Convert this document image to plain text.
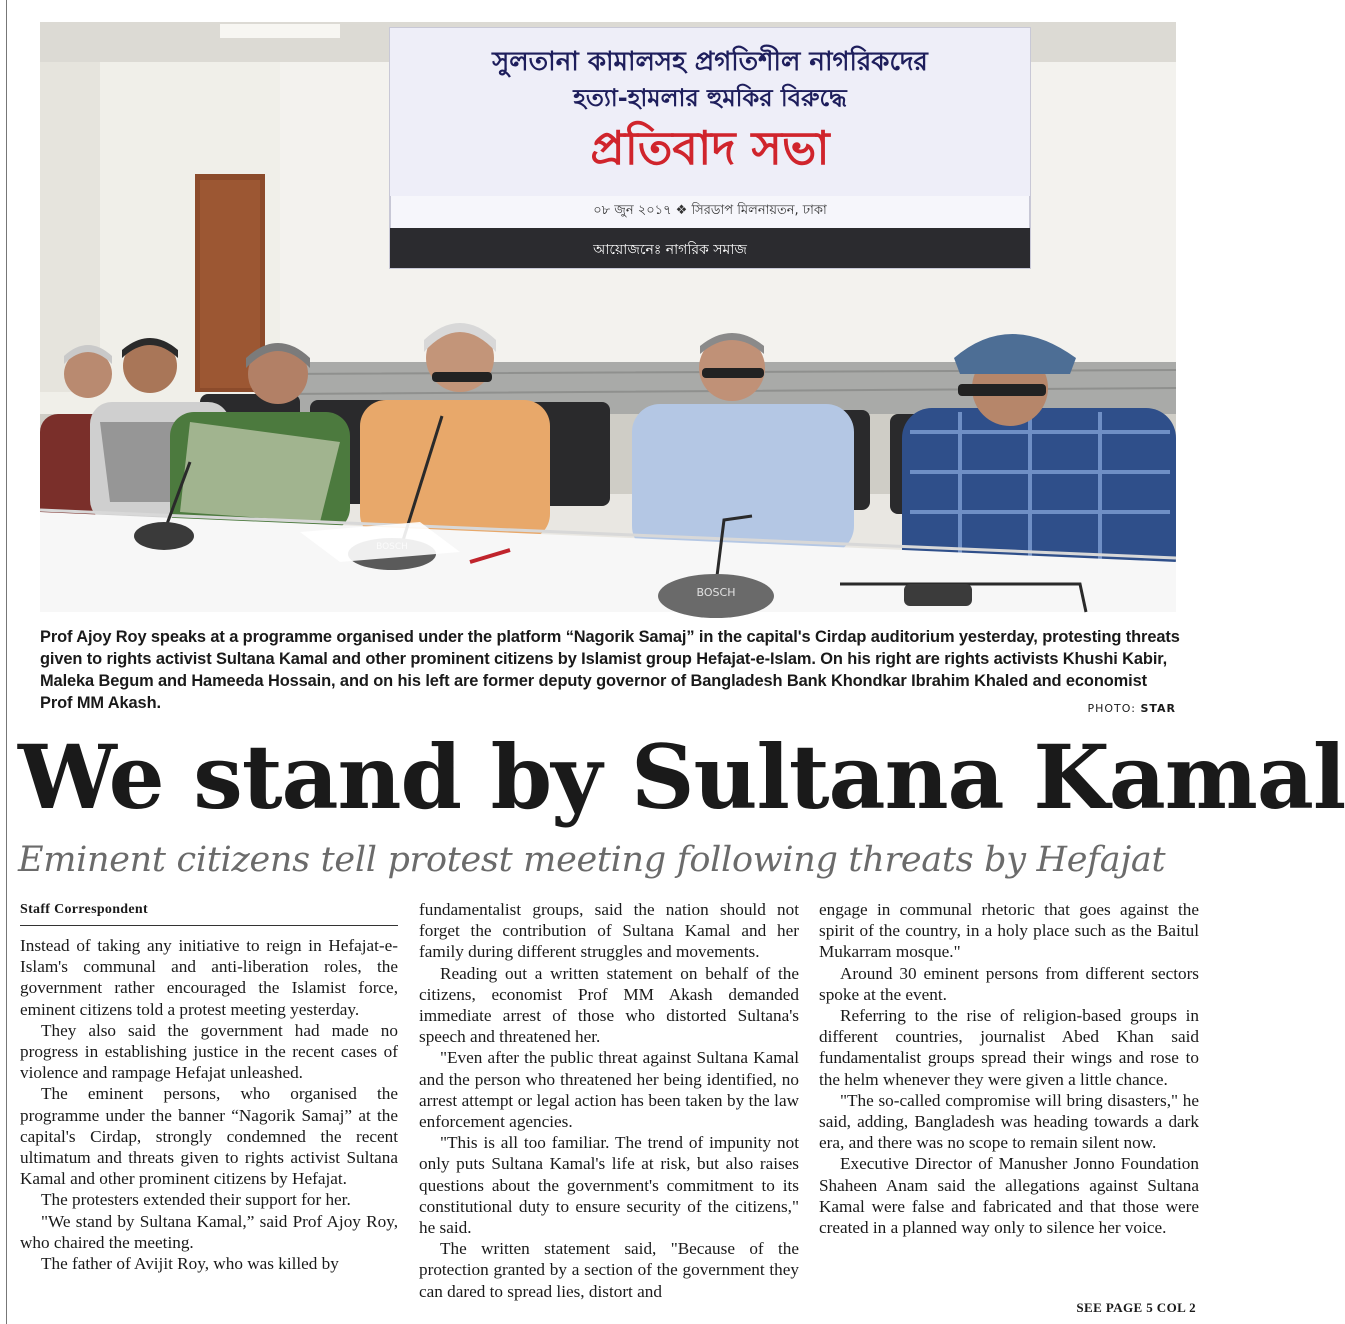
সুলতানা কামালসহ প্রগতিশীল নাগরিকদের
হত্যা-হামলার হুমকির বিরুদ্ধে
প্রতিবাদ সভা
০৮ জুন ২০১৭ ❖ সিরডাপ মিলনায়তন, ঢাকা
আয়োজনেঃ নাগরিক সমাজ
BOSCH
Prof Ajoy Roy speaks at a programme organised under the platform “Nagorik Samaj” in the capital's Cirdap auditorium yesterday, protesting threats given to rights activist Sultana Kamal and other prominent citizens by Islamist group Hefajat-e-Islam. On his right are rights activists Khushi Kabir, Maleka Begum and Hameeda Hossain, and on his left are former deputy governor of Bangladesh Bank Khondkar Ibrahim Khaled and economist Prof MM Akash.	PHOTO: STAR
We stand by Sultana Kamal
Eminent citizens tell protest meeting following threats by Hefajat
Staff Correspondent

Instead of taking any initiative to reign in Hefajat-e-Islam's communal and anti-liberation roles, the government rather encouraged the Islamist force, eminent citizens told a protest meeting yesterday.

They also said the government had made no progress in establishing justice in the recent cases of violence and rampage Hefajat unleashed.

The eminent persons, who organised the programme under the banner “Nagorik Samaj” at the capital's Cirdap, strongly condemned the recent ultimatum and threats given to rights activist Sultana Kamal and other prominent citizens by Hefajat.

The protesters extended their support for her.

"We stand by Sultana Kamal,” said Prof Ajoy Roy, who chaired the meeting.

The father of Avijit Roy, who was killed by

fundamentalist groups, said the nation should not forget the contribution of Sultana Kamal and her family during different struggles and movements.

Reading out a written statement on behalf of the citizens, economist Prof MM Akash demanded immediate arrest of those who distorted Sultana's speech and threatened her.

"Even after the public threat against Sultana Kamal and the person who threatened her being identified, no arrest attempt or legal action has been taken by the law enforcement agencies.

"This is all too familiar. The trend of impunity not only puts Sultana Kamal's life at risk, but also raises questions about the government's commitment to its constitutional duty to ensure security of the citizens," he said.

The written statement said, "Because of the protection granted by a section of the government they can dared to spread lies, distort and

engage in communal rhetoric that goes against the spirit of the country, in a holy place such as the Baitul Mukarram mosque."

Around 30 eminent persons from different sectors spoke at the event.

Referring to the rise of religion-based groups in different countries, journalist Abed Khan said fundamentalist groups spread their wings and rose to the helm whenever they were given a little chance.

"The so-called compromise will bring disasters," he said, adding, Bangladesh was heading towards a dark era, and there was no scope to remain silent now.

Executive Director of Manusher Jonno Foundation Shaheen Anam said the allegations against Sultana Kamal were false and fabricated and that those were created in a planned way only to silence her voice.

SEE PAGE 5 COL 2
